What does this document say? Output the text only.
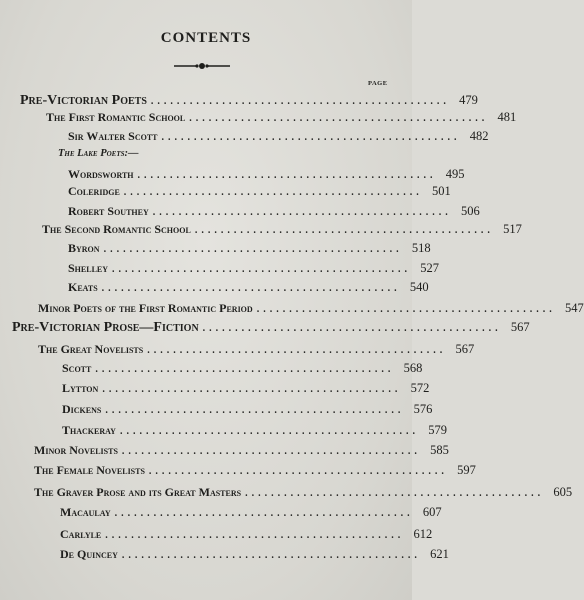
CONTENTS
PAGE
Pre-Victorian Poets .............................................. 479
The First Romantic School .............................................. 481
Sir Walter Scott .............................................. 482
The Lake Poets:—
Wordsworth .............................................. 495
Coleridge .............................................. 501
Robert Southey .............................................. 506
The Second Romantic School .............................................. 517
Byron .............................................. 518
Shelley .............................................. 527
Keats .............................................. 540
Minor Poets of the First Romantic Period .............................................. 547
Pre-Victorian Prose—Fiction .............................................. 567
The Great Novelists .............................................. 567
Scott .............................................. 568
Lytton .............................................. 572
Dickens .............................................. 576
Thackeray .............................................. 579
Minor Novelists .............................................. 585
The Female Novelists .............................................. 597
The Graver Prose and its Great Masters .............................................. 605
Macaulay .............................................. 607
Carlyle .............................................. 612
De Quincey .............................................. 621
